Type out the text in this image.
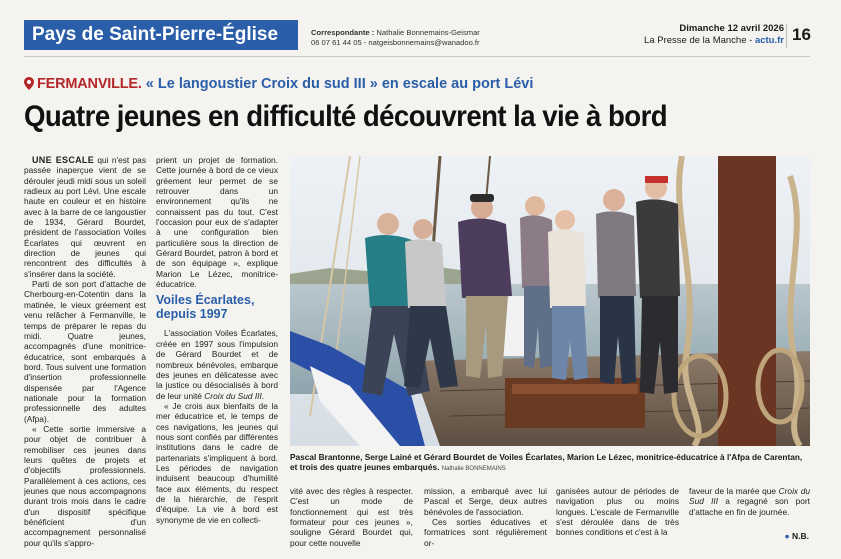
Pays de Saint-Pierre-Église	Correspondante : Nathalie Bonnemains-Geismar
06 07 61 44 05 - natgeisbonnemains@wanadoo.fr
Dimanche 12 avril 2026
La Presse de la Manche - actu.fr 16
FERMANVILLE. « Le langoustier Croix du sud III » en escale au port Lévi
Quatre jeunes en difficulté découvrent la vie à bord

UNE ESCALE qui n'est pas passée inaperçue vient de se dérouler jeudi midi sous un soleil radieux au port Lévi. Une escale haute en couleur et en histoire avec à la barre de ce langoustier de 1934, Gérard Bourdet, président de l'association Voiles Écarlates qui œuvrent en direction de jeunes qui rencontrent des difficultés à s'insérer dans la société.

Parti de son port d'attache de Cherbourg-en-Cotentin dans la matinée, le vieux gréement est venu relâcher à Fermanville, le temps de préparer le repas du midi. Quatre jeunes, accompagnés d'une monitrice-éducatrice, sont embarqués à bord. Tous suivent une formation d'insertion professionnelle dispensée par l'Agence nationale pour la formation professionnelle des adultes (Afpa).

« Cette sortie immersive a pour objet de contribuer à remobiliser ces jeunes dans leurs quêtes de projets et d'objectifs professionnels. Parallèlement à ces actions, ces jeunes que nous accompagnons durant trois mois dans le cadre d'un dispositif spécifique bénéficient d'un accompagnement personnalisé pour qu'ils s'appro-

prient un projet de formation. Cette journée à bord de ce vieux gréement leur permet de se retrouver dans un environnement qu'ils ne connaissent pas du tout. C'est l'occasion pour eux de s'adapter à une configuration bien particulière sous la direction de Gérard Bourdet, patron à bord et de son équipage », explique Marion Le Lézec, monitrice-éducatrice.

Voiles Écarlates, depuis 1997

L'association Voiles Écarlates, créée en 1997 sous l'impulsion de Gérard Bourdet et de nombreux bénévoles, embarque des jeunes en délicatesse avec la justice ou désocialisés à bord de leur unité Croix du Sud III.

« Je crois aux bienfaits de la mer éducatrice et, le temps de ces navigations, les jeunes qui nous sont confiés par différentes institutions dans le cadre de partenariats s'impliquent à bord. Les périodes de navigation induisent beaucoup d'humilité face aux éléments, du respect de la hiérarchie, de l'esprit d'équipe. La vie à bord est synonyme de vie en collecti-

Pascal Brantonne, Serge Lainé et Gérard Bourdet de Voiles Écarlates, Marion Le Lézec, monitrice-éducatrice à l'Afpa de Carentan, et trois des quatre jeunes embarqués. Nathalie BONNEMAINS

vité avec des règles à respecter. C'est un mode de fonctionnement qui est très formateur pour ces jeunes », souligne Gérard Bourdet qui, pour cette nouvelle

mission, a embarqué avec lui Pascal et Serge, deux autres bénévoles de l'association.

Ces sorties éducatives et formatrices sont régulièrement or-

ganisées autour de périodes de navigation plus ou moins longues. L'escale de Fermanville s'est déroulée dans de très bonnes conditions et c'est à la

faveur de la marée que Croix du Sud III a regagné son port d'attache en fin de journée.

● N.B.
